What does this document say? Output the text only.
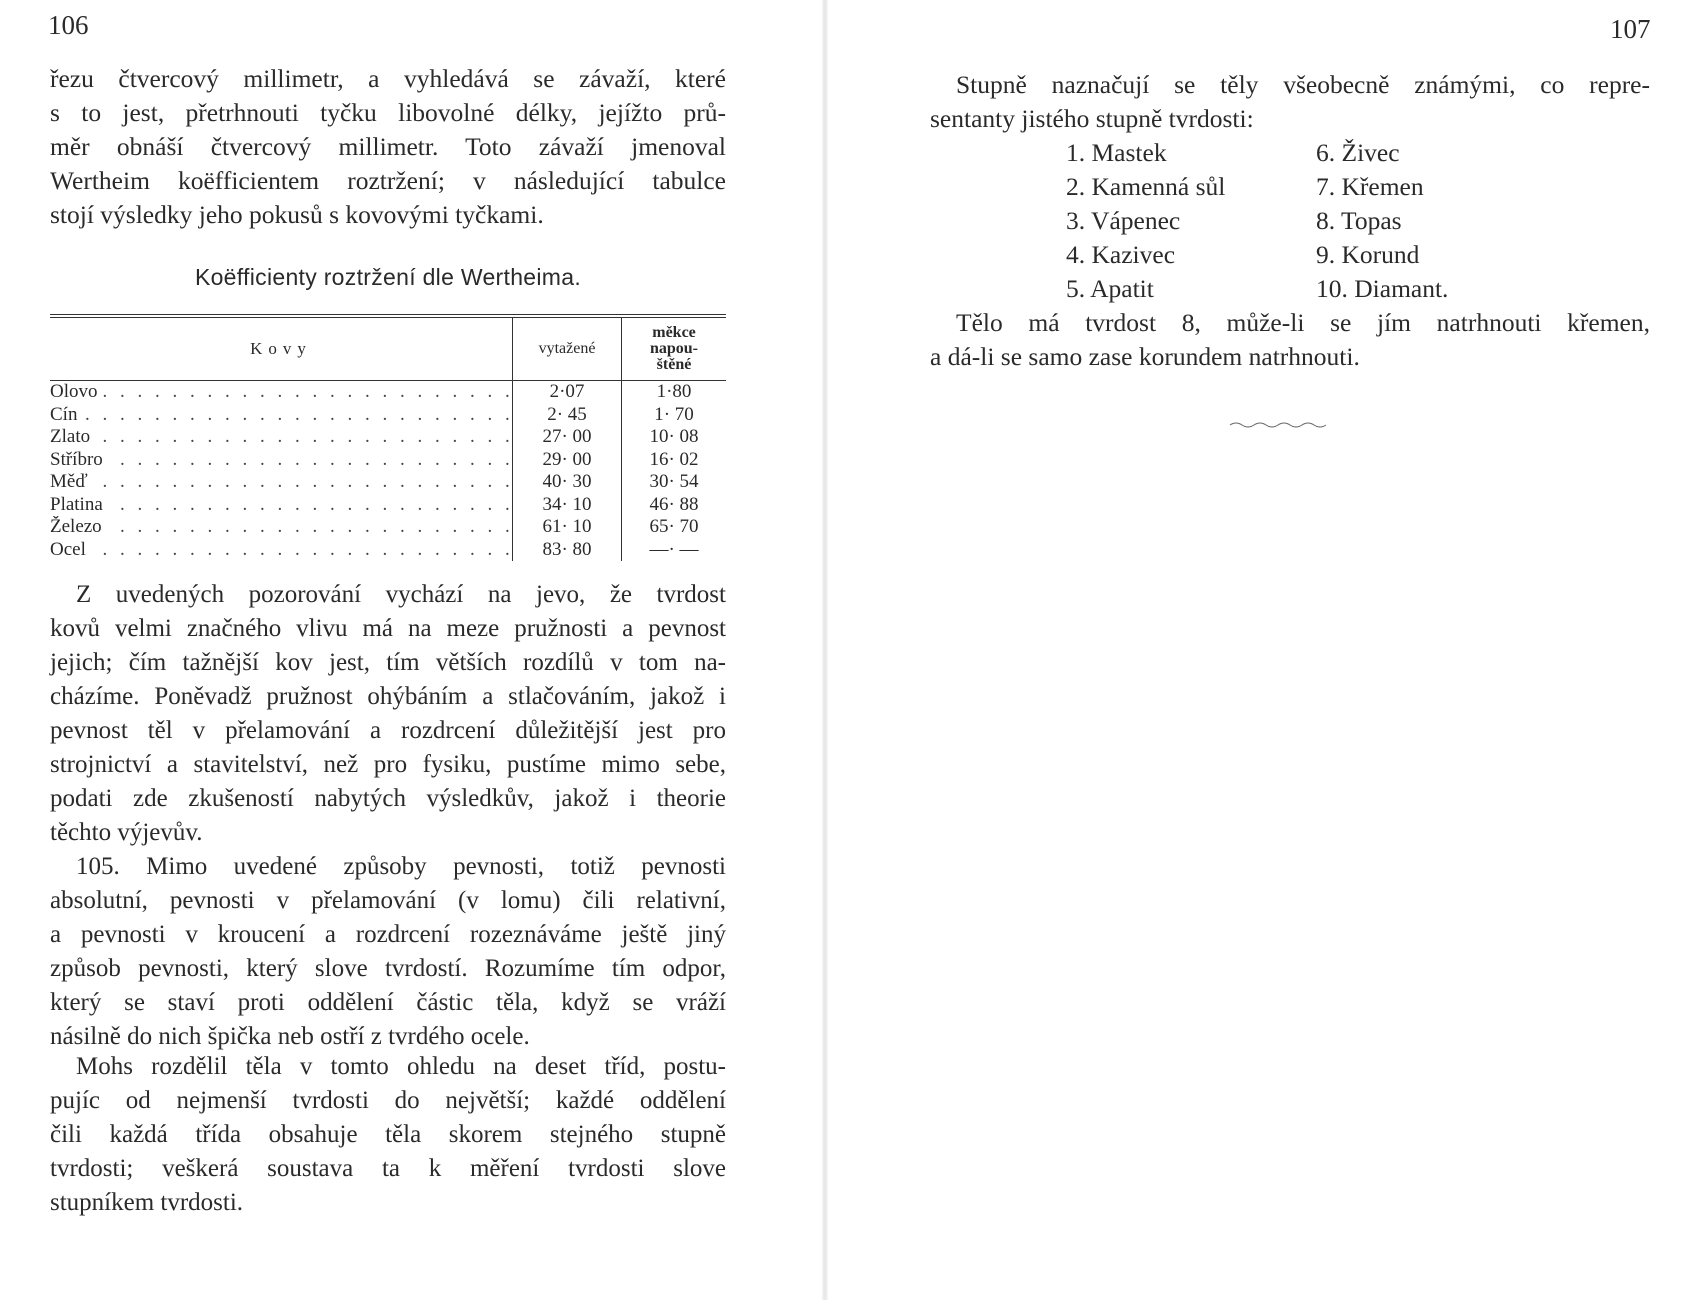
106
řezu čtvercový millimetr, a vyhledává se závaží, které
s to jest, přetrhnouti tyčku libovolné délky, jejížto prů-
měr obnáší čtvercový millimetr. Toto závaží jmenoval
Wertheim koëfficientem roztržení; v následující tabulce
stojí výsledky jeho pokusů s kovovými tyčkami.
Koëfficienty roztržení dle Wertheima.
Kovy	vytažené	měkce
napou-
štěné
Olovo . . .	2·07	1·80
Cín . . .	2· 45	1· 70
Zlato . . .	27· 00	10· 08
Stříbro . . .	29· 00	16· 02
Měď . . .	40· 30	30· 54
Platina . . .	34· 10	46· 88
Železo . . .	61· 10	65· 70
Ocel . . .	83· 80	—· —
Z uvedených pozorování vychází na jevo, že tvrdost
kovů velmi značného vlivu má na meze pružnosti a pevnost
jejich; čím tažnější kov jest, tím větších rozdílů v tom na-
cházíme. Poněvadž pružnost ohýbáním a stlačováním, jakož i
pevnost těl v přelamování a rozdrcení důležitější jest pro
strojnictví a stavitelství, než pro fysiku, pustíme mimo sebe,
podati zde zkušeností nabytých výsledkův, jakož i theorie
těchto výjevův.
105. Mimo uvedené způsoby pevnosti, totiž pevnosti
absolutní, pevnosti v přelamování (v lomu) čili relativní,
a pevnosti v kroucení a rozdrcení rozeznáváme ještě jiný
způsob pevnosti, který slove tvrdostí. Rozumíme tím odpor,
který se staví proti oddělení částic těla, když se vráží
násilně do nich špička neb ostří z tvrdého ocele.
Mohs rozdělil těla v tomto ohledu na deset tříd, postu-
pujíc od nejmenší tvrdosti do největší; každé oddělení
čili každá třída obsahuje těla skorem stejného stupně
tvrdosti; veškerá soustava ta k měření tvrdosti slove
stupníkem tvrdosti.
107
Stupně naznačují se těly všeobecně známými, co repre-
sentanty jistého stupně tvrdosti:
1. Mastek	6. Živec
2. Kamenná sůl	7. Křemen
3. Vápenec	8. Topas
4. Kazivec	9. Korund
5. Apatit	10. Diamant.
Tělo má tvrdost 8, může-li se jím natrhnouti křemen,
a dá-li se samo zase korundem natrhnouti.
